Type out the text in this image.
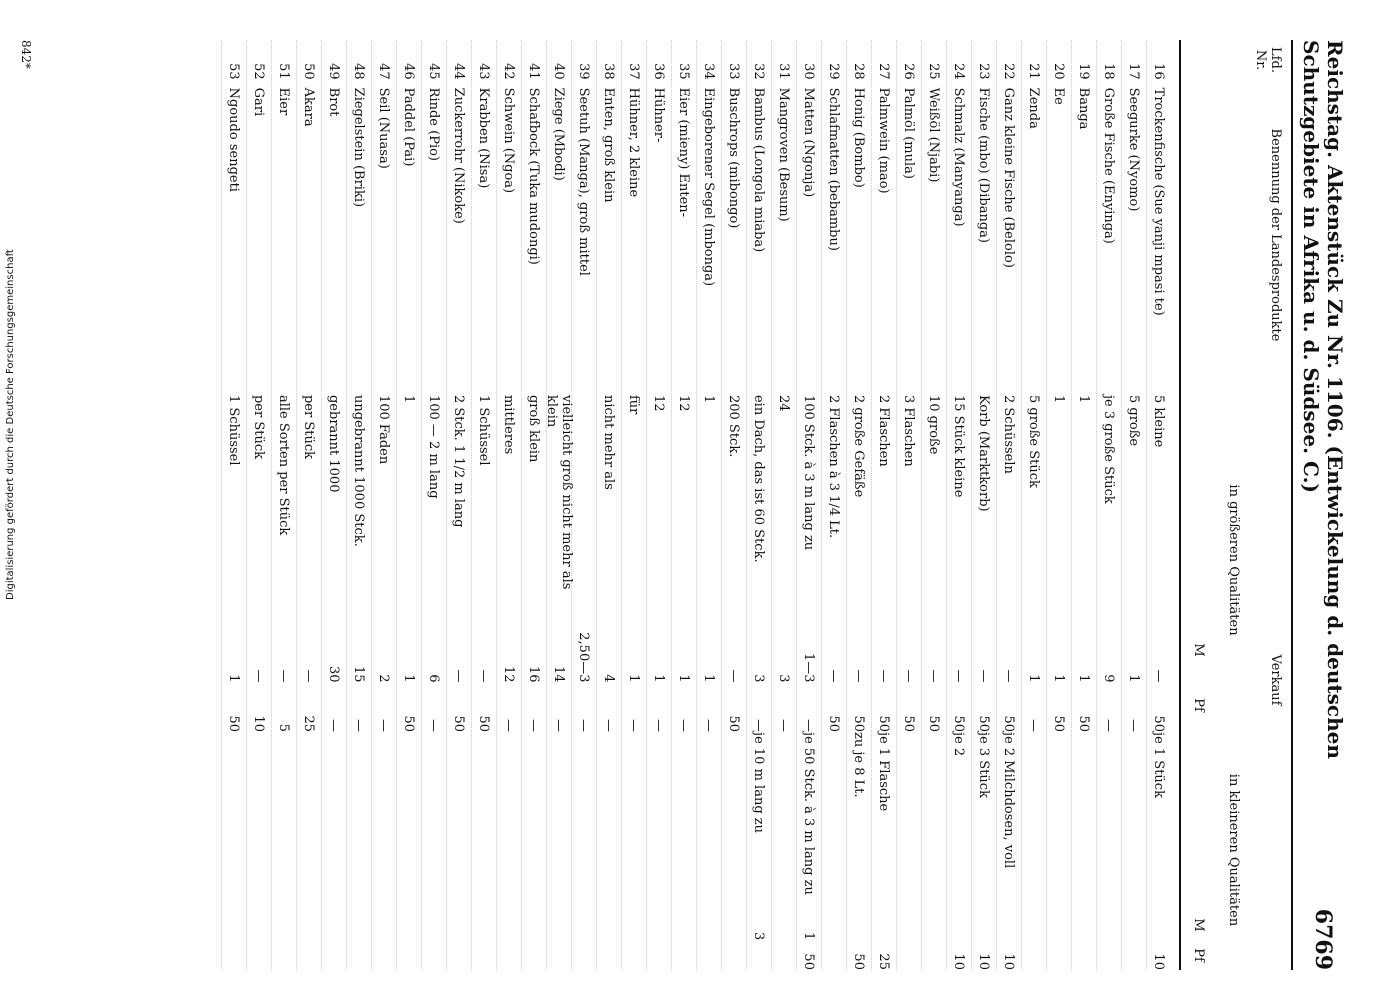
Reichstag. Aktenstück Zu Nr. 1106. (Entwickelung d. deutschen Schutzgebiete in Afrika u. d. Südsee. C.)
6769
Lfd. Nr.
Benennung der Landesprodukte
Verkauf
in größeren Qualitäten
in kleineren Qualitäten
M
Pf
M
Pf
16
Trockenfische (Sue yanji mpasi te)
5 kleine
—
50
je 1 Stück
10
17
Seegurke (Nyomo)
5 große
1
—
18
Große Fische (Enyinga)
je 3 große Stück
9
—
19
Banga
1
1
50
20
Ee
1
1
50
21
Zenda
5 große Stück
1
—
22
Ganz kleine Fische (Belolo)
2 Schüsseln
—
50
je 2 Milchdosen, voll
10
23
Fische (mbo) (Dibanga)
Korb (Marktkorb)
—
50
je 3 Stück
10
24
Schmalz (Manyanga)
15 Stück kleine
—
50
je 2
10
25
Weißöl (Njabi)
10 große
—
50
26
Palmöl (mula)
3 Flaschen
—
50
27
Palmwein (mao)
2 Flaschen
—
50
je 1 Flasche
25
28
Honig (Bombo)
2 große Gefäße
—
50
zu je 8 Lt.
50
29
Schlafmatten (bebambu)
2 Flaschen à 3 1/4 Lt.
—
50
30
Matten (Ngonja)
100 Stck. à 3 m lang zu
1—3
—
je 50 Stck. à 3 m lang zu
1
50
31
Mangroven (Besum)
24
3
—
32
Bambus (Longola miaba)
ein Dach, das ist 60 Stck.
3
—
je 10 m lang zu
3
33
Buschrops (mibongo)
200 Stck.
—
50
34
Eingeborener Segel (mbonga)
1
1
—
35
Eier (mieny) Enten-
12
1
—
36
Hühner-
12
1
—
37
Hühner, 2 kleine
für
1
—
38
Enten, groß klein
nicht mehr als
4
—
39
Seetuh (Manga), groß mittel
2,50—3
—
40
Ziege (Mbodi)
vielleicht groß nicht mehr als klein
14
—
41
Schafbock (Tuka mudongi)
groß klein
16
—
42
Schwein (Ngoa)
mittleres
12
—
43
Krabben (Nisa)
1 Schüssel
—
50
44
Zuckerrohr (Nikoke)
2 Stck. 1 1/2 m lang
—
50
45
Rinde (Pio)
100 — 2 m lang
6
—
46
Paddel (Pai)
1
1
50
47
Seil (Nuasa)
100 Faden
2
—
48
Ziegelstein (Briki)
ungebrannt 1000 Stck.
15
—
49
Brot
gebrannt 1000
30
—
50
Akara
per Stück
—
25
51
Eier
alle Sorten per Stück
—
5
52
Gari
per Stück
—
10
53
Ngoudo sengeti
1 Schüssel
1
50
842*
Digitalisierung gefördert durch die Deutsche Forschungsgemeinschaft
